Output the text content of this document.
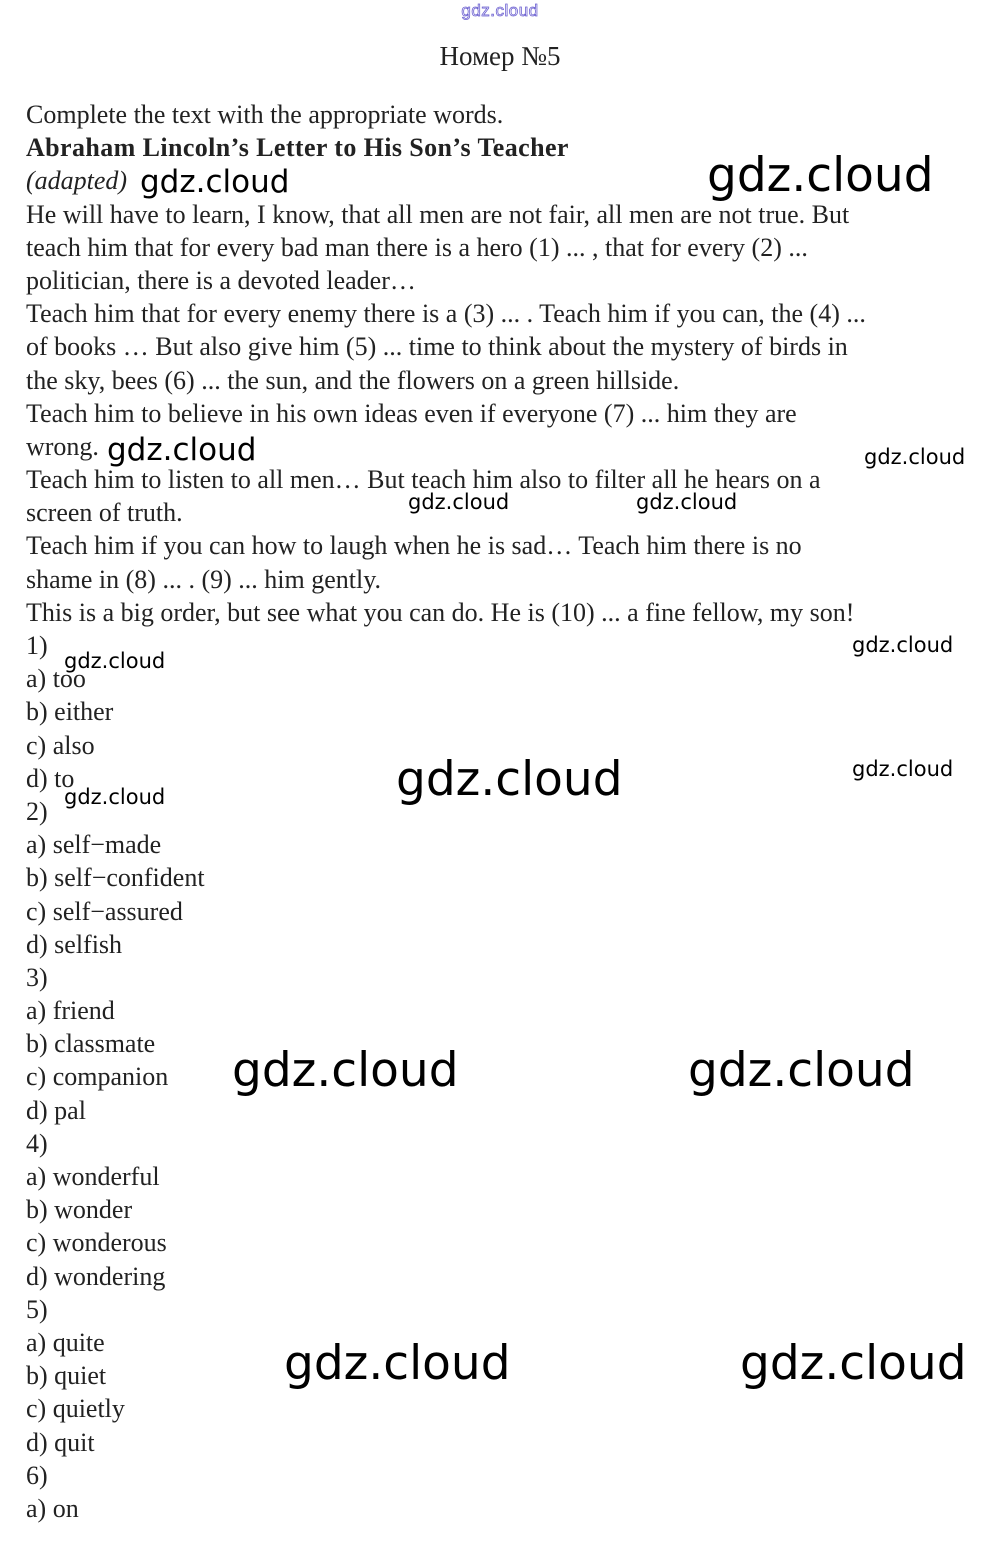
gdz.cloud
Номер №5
Complete the text with the appropriate words.
Abraham Lincoln’s Letter to His Son’s Teacher
(adapted)
He will have to learn, I know, that all men are not fair, all men are not true. But
teach him that for every bad man there is a hero (1) ... , that for every (2) ...
politician, there is a devoted leader…
Teach him that for every enemy there is a (3) ... . Teach him if you can, the (4) ...
of books … But also give him (5) ... time to think about the mystery of birds in
the sky, bees (6) ... the sun, and the flowers on a green hillside.
Teach him to believe in his own ideas even if everyone (7) ... him they are
wrong.
Teach him to listen to all men… But teach him also to filter all he hears on a
screen of truth.
Teach him if you can how to laugh when he is sad… Teach him there is no
shame in (8) ... . (9) ... him gently.
This is a big order, but see what you can do. He is (10) ... a fine fellow, my son!
1)
a) too
b) either
c) also
d) to
2)
a) self−made
b) self−confident
c) self−assured
d) selfish
3)
a) friend
b) classmate
c) companion
d) pal
4)
a) wonderful
b) wonder
c) wonderous
d) wondering
5)
a) quite
b) quiet
c) quietly
d) quit
6)
a) on
gdz.cloud	gdz.cloud
gdz.cloud	gdz.cloud
gdz.cloud	gdz.cloud
gdz.cloud
gdz.cloud
gdz.cloud	gdz.cloud
gdz.cloud
gdz.cloud	gdz.cloud
gdz.cloud	gdz.cloud
